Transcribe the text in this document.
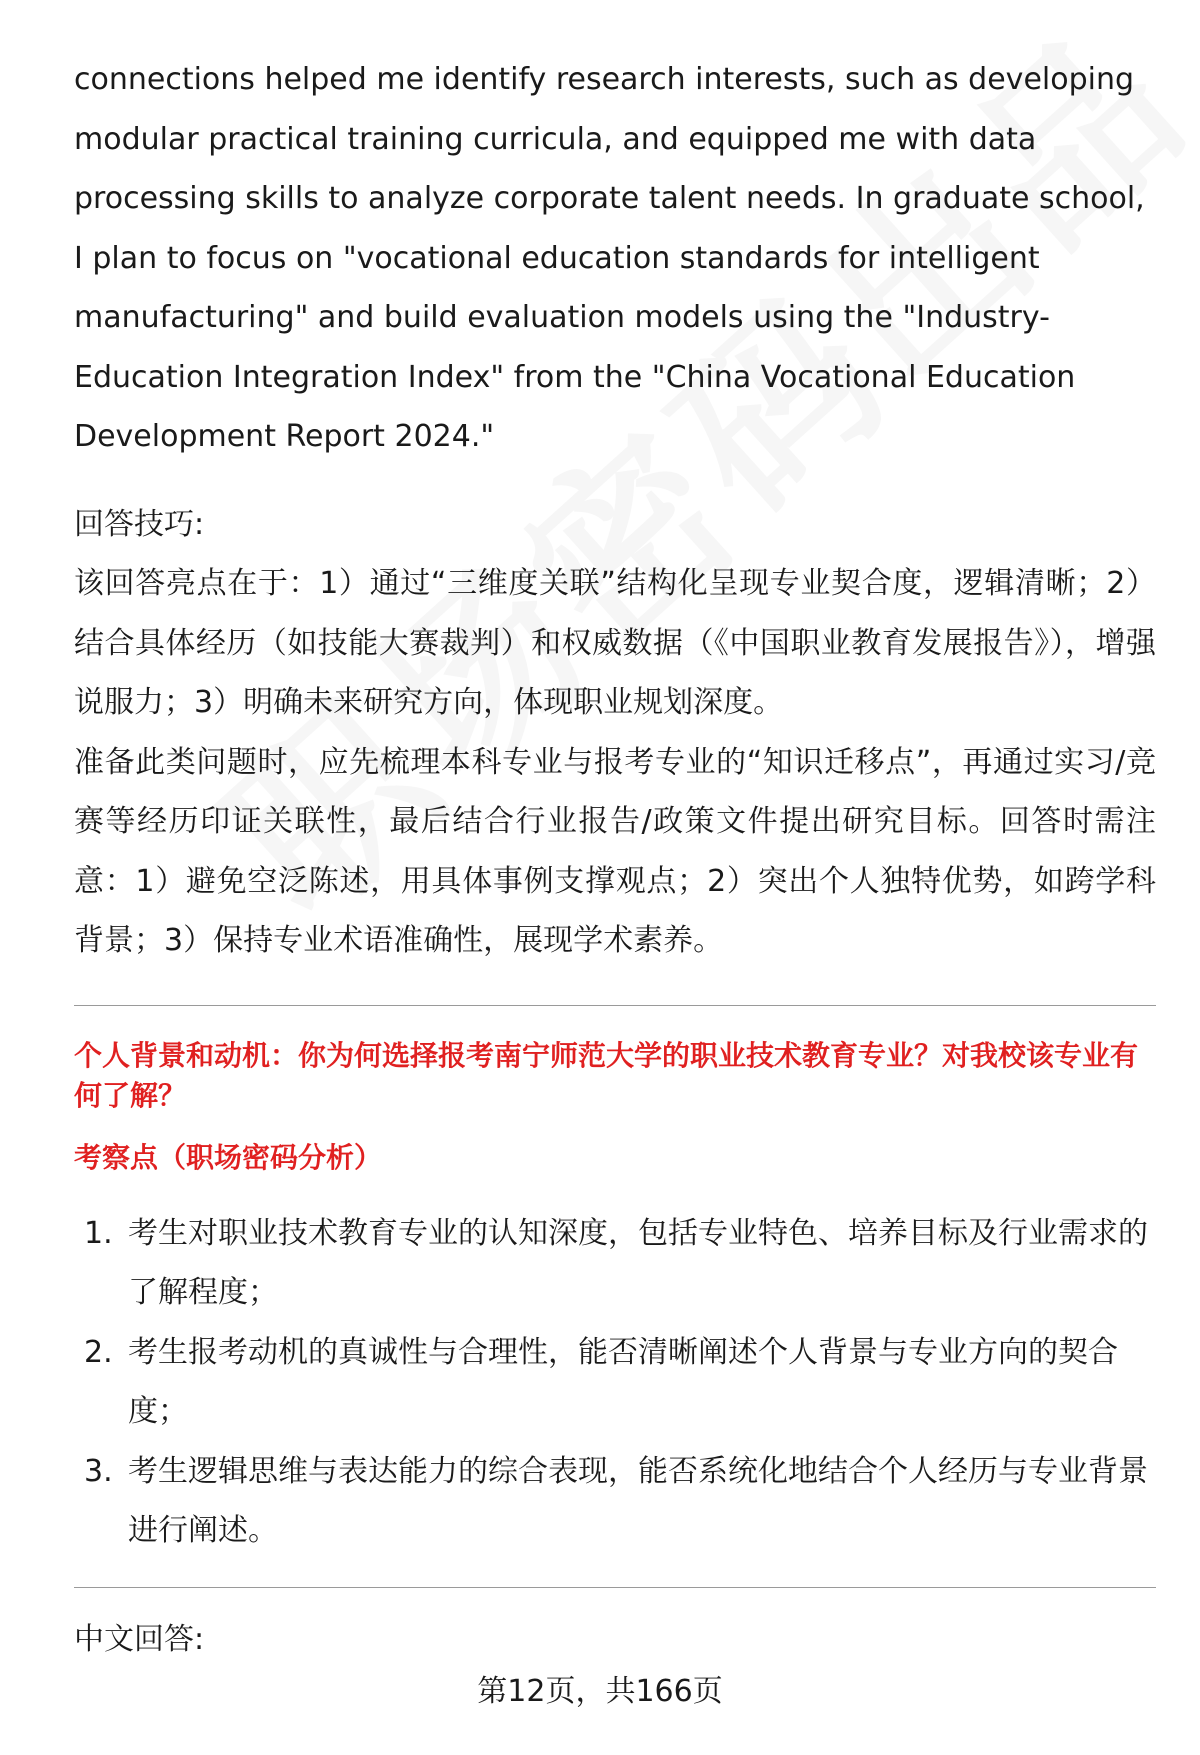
connections helped me identify research interests, such as developing modular practical training curricula, and equipped me with data processing skills to analyze corporate talent needs. In graduate school, I plan to focus on "vocational education standards for intelligent manufacturing" and build evaluation models using the "Industry-Education Integration Index" from the "China Vocational Education Development Report 2024."

回答技巧:

该回答亮点在于：1）通过“三维度关联”结构化呈现专业契合度，逻辑清晰；2）结合具体经历（如技能大赛裁判）和权威数据（《中国职业教育发展报告》），增强说服力；3）明确未来研究方向，体现职业规划深度。

准备此类问题时，应先梳理本科专业与报考专业的“知识迁移点”，再通过实习/竞赛等经历印证关联性，最后结合行业报告/政策文件提出研究目标。回答时需注意：1）避免空泛陈述，用具体事例支撑观点；2）突出个人独特优势，如跨学科背景；3）保持专业术语准确性，展现学术素养。

个人背景和动机：你为何选择报考南宁师范大学的职业技术教育专业？对我校该专业有何了解？

考察点（职场密码分析）

1. 考生对职业技术教育专业的认知深度，包括专业特色、培养目标及行业需求的了解程度；
2. 考生报考动机的真诚性与合理性，能否清晰阐述个人背景与专业方向的契合度；
3. 考生逻辑思维与表达能力的综合表现，能否系统化地结合个人经历与专业背景进行阐述。

中文回答:

第12页，共166页
